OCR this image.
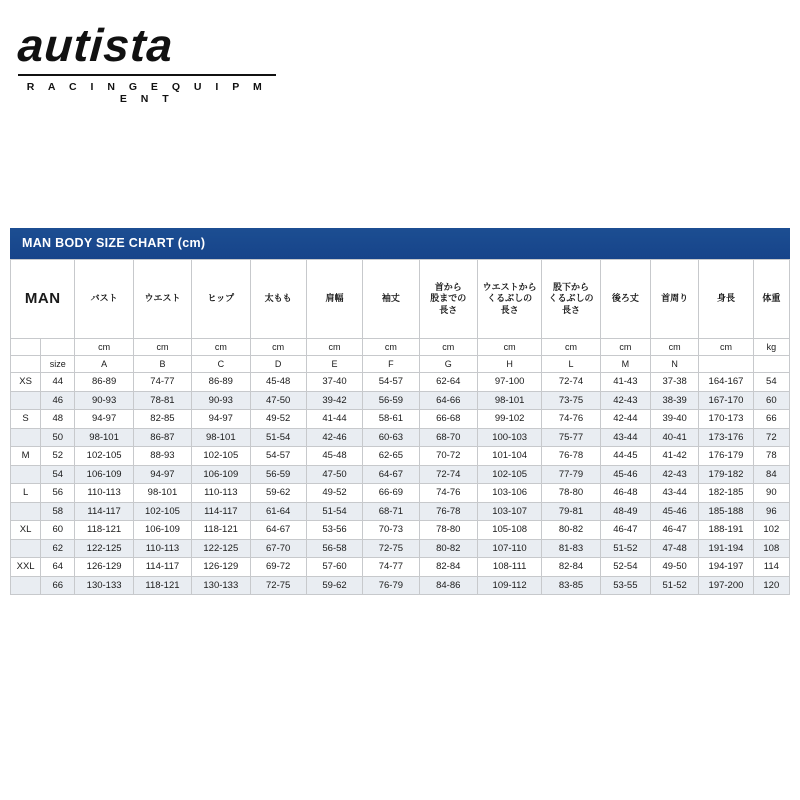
autista
R A C I N G E Q U I P M E N T
MAN BODY SIZE CHART (cm)
MAN		バスト	ウエスト	ヒップ	太もも	肩幅	袖丈	首から
股までの
長さ	ウエストから
くるぶしの
長さ	股下から
くるぶしの
長さ	後ろ丈	首周り	身長	体重
		cm	cm	cm	cm	cm	cm	cm	cm	cm	cm	cm	cm	kg
	size	A	B	C	D	E	F	G	H	L	M	N		
XS	44	86-89	74-77	86-89	45-48	37-40	54-57	62-64	97-100	72-74	41-43	37-38	164-167	54
	46	90-93	78-81	90-93	47-50	39-42	56-59	64-66	98-101	73-75	42-43	38-39	167-170	60
S	48	94-97	82-85	94-97	49-52	41-44	58-61	66-68	99-102	74-76	42-44	39-40	170-173	66
	50	98-101	86-87	98-101	51-54	42-46	60-63	68-70	100-103	75-77	43-44	40-41	173-176	72
M	52	102-105	88-93	102-105	54-57	45-48	62-65	70-72	101-104	76-78	44-45	41-42	176-179	78
	54	106-109	94-97	106-109	56-59	47-50	64-67	72-74	102-105	77-79	45-46	42-43	179-182	84
L	56	110-113	98-101	110-113	59-62	49-52	66-69	74-76	103-106	78-80	46-48	43-44	182-185	90
	58	114-117	102-105	114-117	61-64	51-54	68-71	76-78	103-107	79-81	48-49	45-46	185-188	96
XL	60	118-121	106-109	118-121	64-67	53-56	70-73	78-80	105-108	80-82	46-47	46-47	188-191	102
	62	122-125	110-113	122-125	67-70	56-58	72-75	80-82	107-110	81-83	51-52	47-48	191-194	108
XXL	64	126-129	114-117	126-129	69-72	57-60	74-77	82-84	108-111	82-84	52-54	49-50	194-197	114
	66	130-133	118-121	130-133	72-75	59-62	76-79	84-86	109-112	83-85	53-55	51-52	197-200	120
